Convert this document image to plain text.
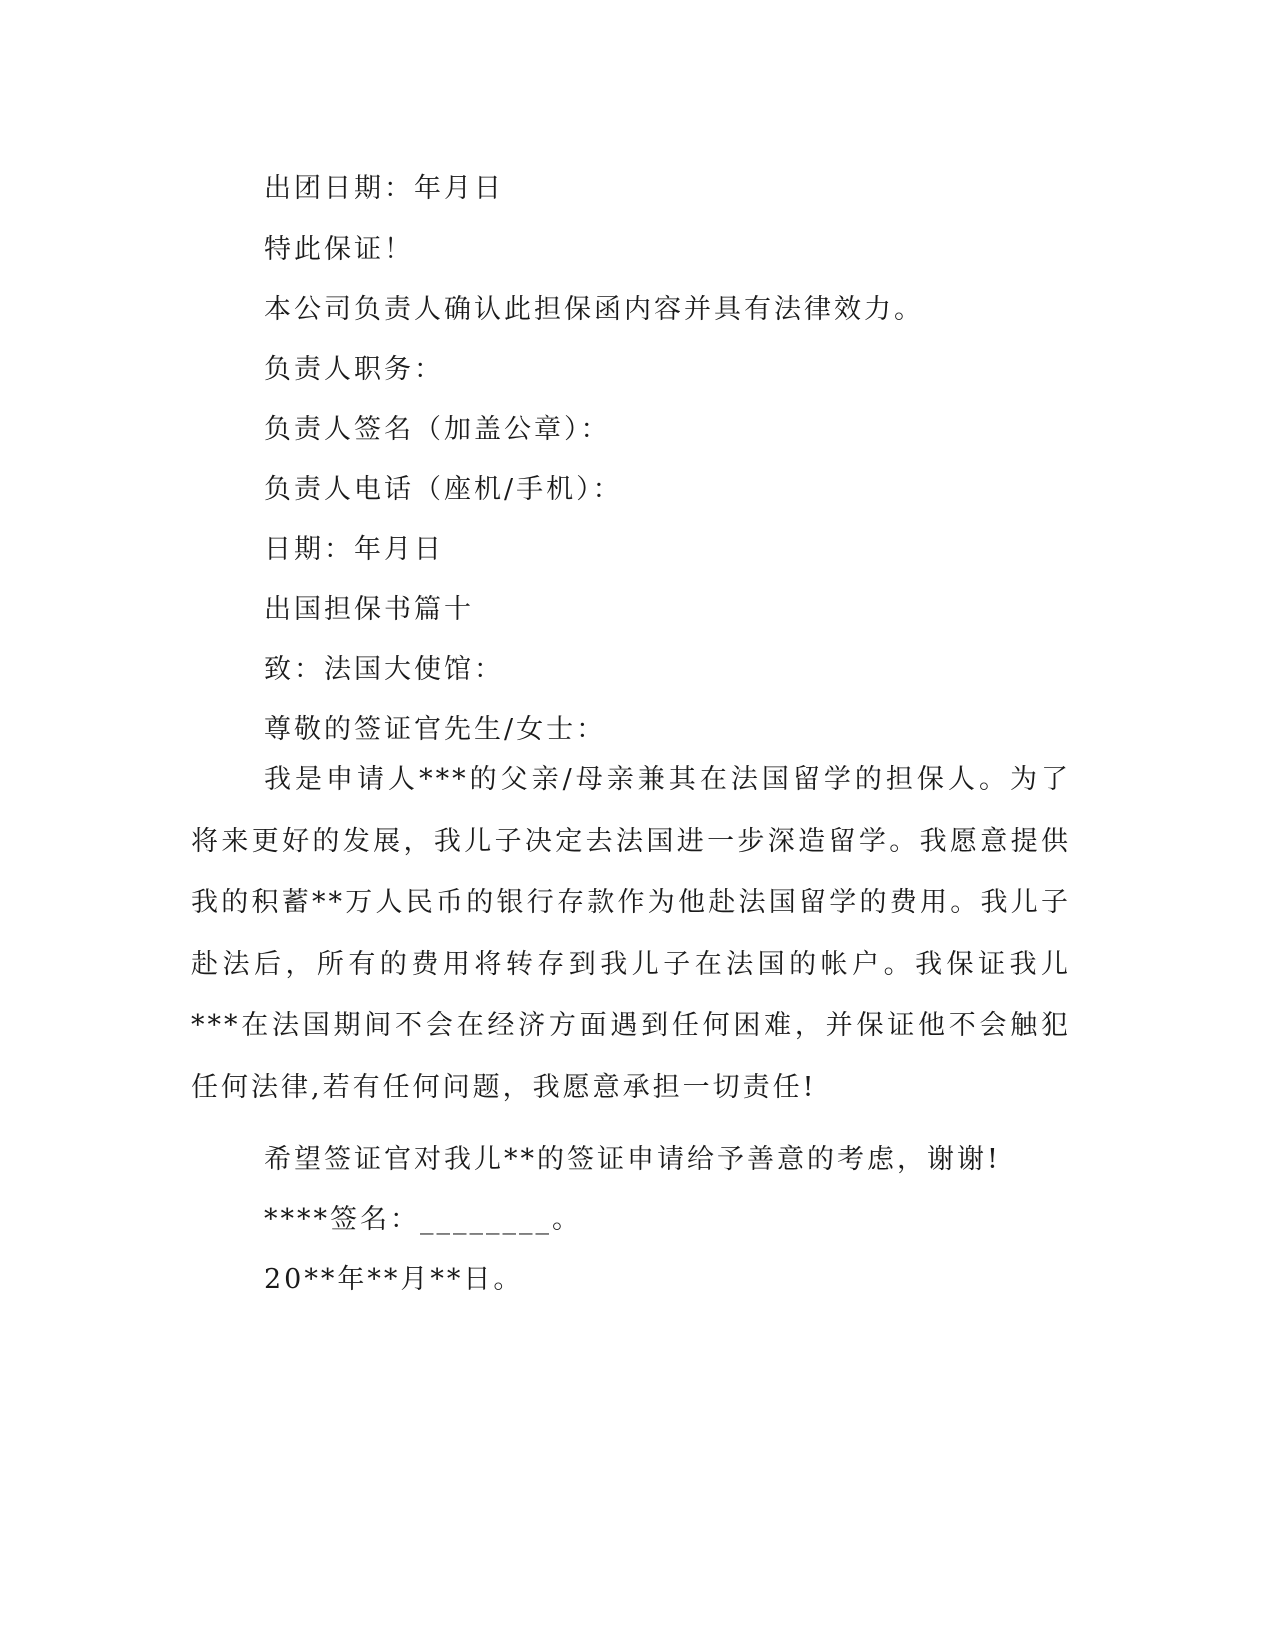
出团日期：年月日
特此保证！
本公司负责人确认此担保函内容并具有法律效力。
负责人职务：
负责人签名（加盖公章）：
负责人电话（座机/手机）：
日期：年月日
出国担保书篇十
致：法国大使馆：
尊敬的签证官先生/女士：
我是申请人***的父亲/母亲兼其在法国留学的担保人。为了将来更好的发展，我儿子决定去法国进一步深造留学。我愿意提供我的积蓄**万人民币的银行存款作为他赴法国留学的费用。我儿子赴法后，所有的费用将转存到我儿子在法国的帐户。我保证我儿***在法国期间不会在经济方面遇到任何困难，并保证他不会触犯任何法律,若有任何问题，我愿意承担一切责任!
希望签证官对我儿**的签证申请给予善意的考虑，谢谢!
****签名：________。
20**年**月**日。
